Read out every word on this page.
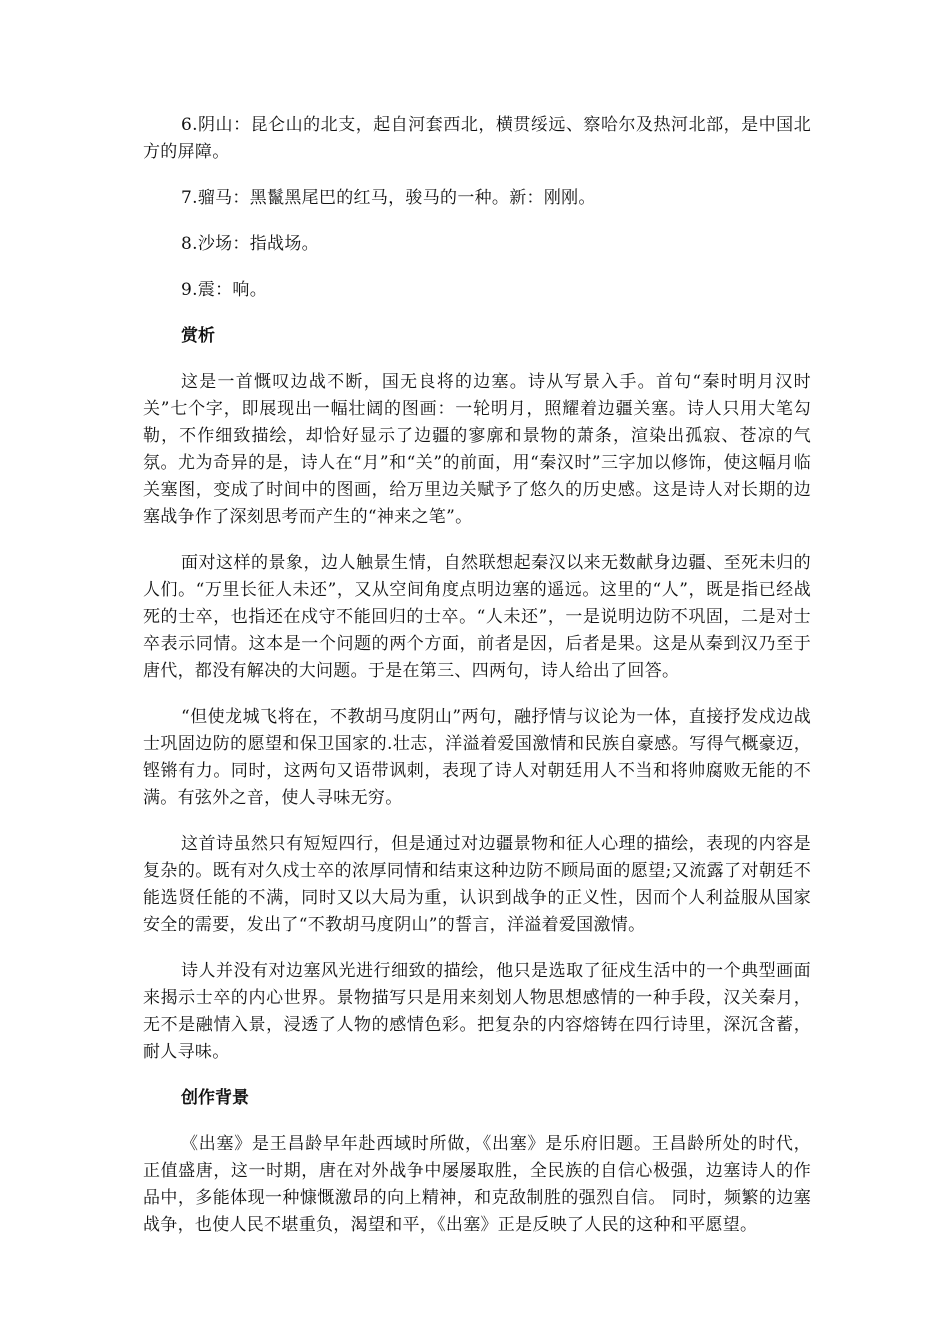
6.阴山：昆仑山的北支，起自河套西北，横贯绥远、察哈尔及热河北部，是中国北方的屏障。

7.骝马：黑鬣黑尾巴的红马，骏马的一种。新：刚刚。

8.沙场：指战场。

9.震：响。

赏析

这是一首慨叹边战不断，国无良将的边塞。诗从写景入手。首句“秦时明月汉时关”七个字，即展现出一幅壮阔的图画：一轮明月，照耀着边疆关塞。诗人只用大笔勾勒，不作细致描绘，却恰好显示了边疆的寥廓和景物的萧条，渲染出孤寂、苍凉的气氛。尤为奇异的是，诗人在“月”和“关”的前面，用“秦汉时”三字加以修饰，使这幅月临关塞图，变成了时间中的图画，给万里边关赋予了悠久的历史感。这是诗人对长期的边塞战争作了深刻思考而产生的“神来之笔”。

面对这样的景象，边人触景生情，自然联想起秦汉以来无数献身边疆、至死未归的人们。“万里长征人未还”，又从空间角度点明边塞的遥远。这里的“人”，既是指已经战死的士卒，也指还在戍守不能回归的士卒。“人未还”，一是说明边防不巩固，二是对士卒表示同情。这本是一个问题的两个方面，前者是因，后者是果。这是从秦到汉乃至于唐代，都没有解决的大问题。于是在第三、四两句，诗人给出了回答。

“但使龙城飞将在，不教胡马度阴山”两句，融抒情与议论为一体，直接抒发戍边战士巩固边防的愿望和保卫国家的.壮志，洋溢着爱国激情和民族自豪感。写得气概豪迈，铿锵有力。同时，这两句又语带讽刺，表现了诗人对朝廷用人不当和将帅腐败无能的不满。有弦外之音，使人寻味无穷。

这首诗虽然只有短短四行，但是通过对边疆景物和征人心理的描绘，表现的内容是复杂的。既有对久戍士卒的浓厚同情和结束这种边防不顾局面的愿望;又流露了对朝廷不能选贤任能的不满，同时又以大局为重，认识到战争的正义性，因而个人利益服从国家安全的需要，发出了“不教胡马度阴山”的誓言，洋溢着爱国激情。

诗人并没有对边塞风光进行细致的描绘，他只是选取了征戍生活中的一个典型画面来揭示士卒的内心世界。景物描写只是用来刻划人物思想感情的一种手段，汉关秦月，无不是融情入景，浸透了人物的感情色彩。把复杂的内容熔铸在四行诗里，深沉含蓄，耐人寻味。

创作背景

《出塞》是王昌龄早年赴西域时所做，《出塞》是乐府旧题。王昌龄所处的时代，正值盛唐，这一时期，唐在对外战争中屡屡取胜，全民族的自信心极强，边塞诗人的作品中，多能体现一种慷慨激昂的向上精神，和克敌制胜的强烈自信。 同时，频繁的边塞战争，也使人民不堪重负，渴望和平，《出塞》正是反映了人民的这种和平愿望。
